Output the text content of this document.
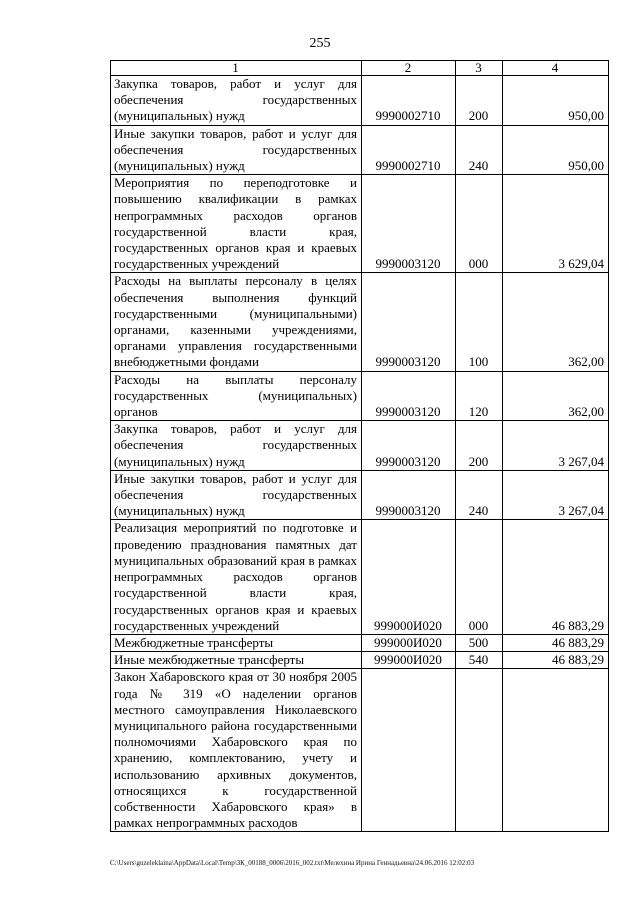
255
1	2	3	4
Закупка товаров, работ и услуг для обеспечения государственных (муниципальных) нужд	9990002710	200	950,00
Иные закупки товаров, работ и услуг для обеспечения государственных (муниципальных) нужд	9990002710	240	950,00
Мероприятия по переподготовке и повышению квалификации в рамках непрограммных расходов органов государственной власти края, государственных органов края и краевых государственных учреждений	9990003120	000	3 629,04
Расходы на выплаты персоналу в целях обеспечения выполнения функций государственными (муниципальными) органами, казенными учреждениями, органами управления государственными внебюджетными фондами	9990003120	100	362,00
Расходы на выплаты персоналу государственных (муниципальных) органов	9990003120	120	362,00
Закупка товаров, работ и услуг для обеспечения государственных (муниципальных) нужд	9990003120	200	3 267,04
Иные закупки товаров, работ и услуг для обеспечения государственных (муниципальных) нужд	9990003120	240	3 267,04
Реализация мероприятий по подготовке и проведению празднования памятных дат муниципальных образований края в рамках непрограммных расходов органов государственной власти края, государственных органов края и краевых государственных учреждений	999000И020	000	46 883,29
Межбюджетные трансферты	999000И020	500	46 883,29
Иные межбюджетные трансферты	999000И020	540	46 883,29
Закон Хабаровского края от 30 ноября 2005 года № 319 «О наделении органов местного самоуправления Николаевского муниципального района государственными полномочиями Хабаровского края по хранению, комплектованию, учету и использованию архивных документов, относящихся к государственной собственности Хабаровского края» в рамках непрограммных расходов			
C:\Users\guzeleklaina\AppData\Local\Temp\ЗК_00188_0006\2016_002.txt\Мелехина Ирина Геннадьевна\24.06.2016 12:02:03
